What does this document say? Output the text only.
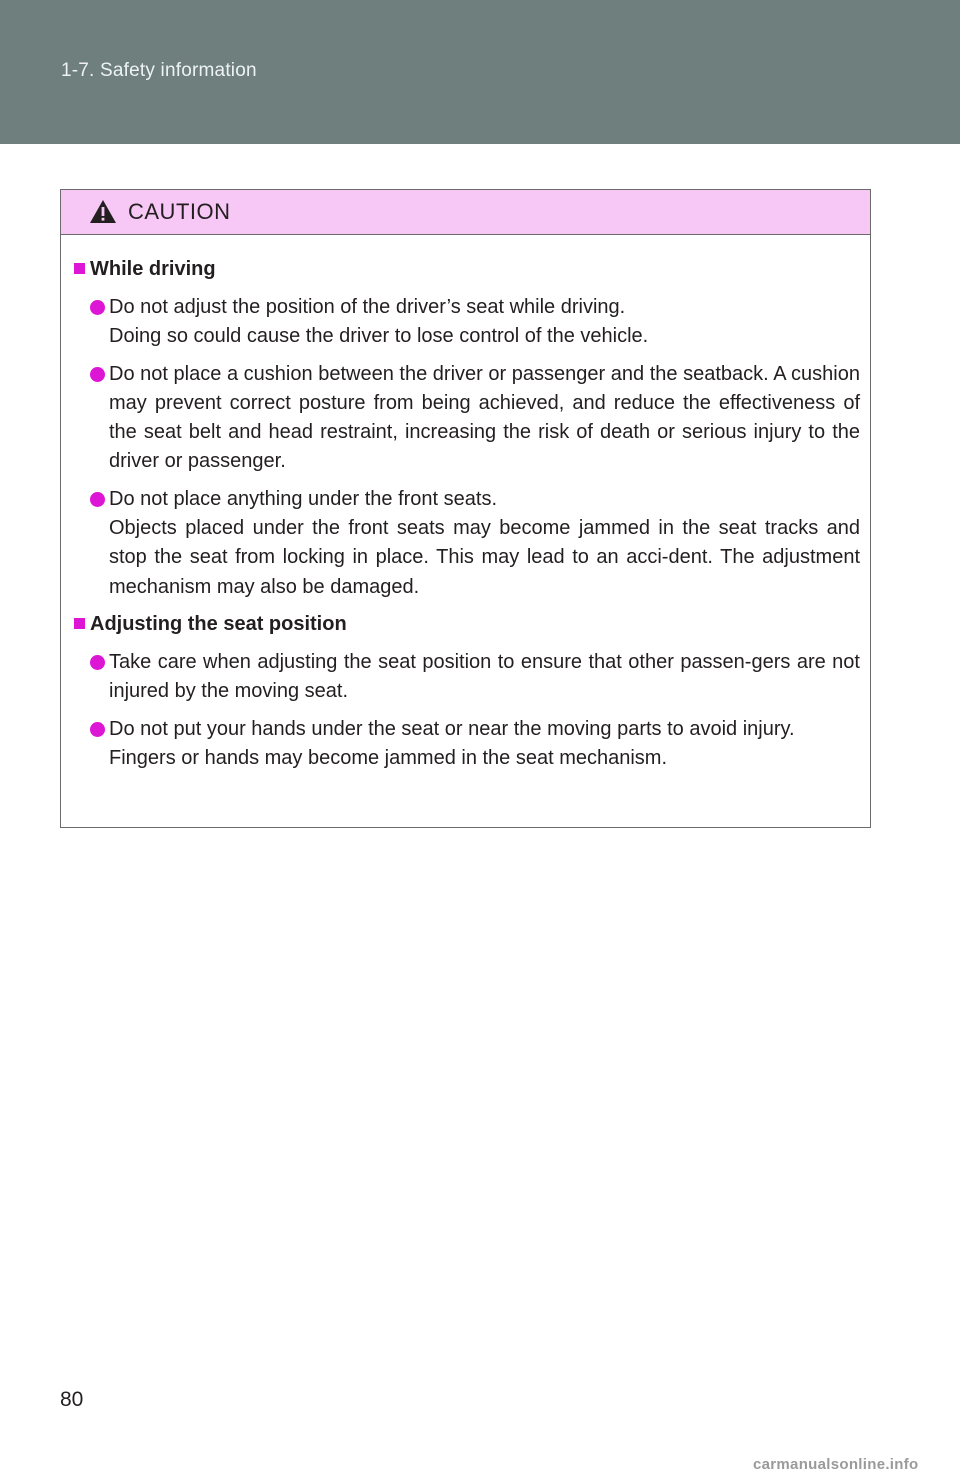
1-7. Safety information
CAUTION
While driving

Do not adjust the position of the driver’s seat while driving.

Doing so could cause the driver to lose control of the vehicle.

Do not place a cushion between the driver or passenger and the seatback. A cushion may prevent correct posture from being achieved, and reduce the effectiveness of the seat belt and head restraint, increasing the risk of death or serious injury to the driver or passenger.

Do not place anything under the front seats.

Objects placed under the front seats may become jammed in the seat tracks and stop the seat from locking in place. This may lead to an acci-dent. The adjustment mechanism may also be damaged.

Adjusting the seat position

Take care when adjusting the seat position to ensure that other passen-gers are not injured by the moving seat.

Do not put your hands under the seat or near the moving parts to avoid injury.

Fingers or hands may become jammed in the seat mechanism.

80
carmanualsonline.info
